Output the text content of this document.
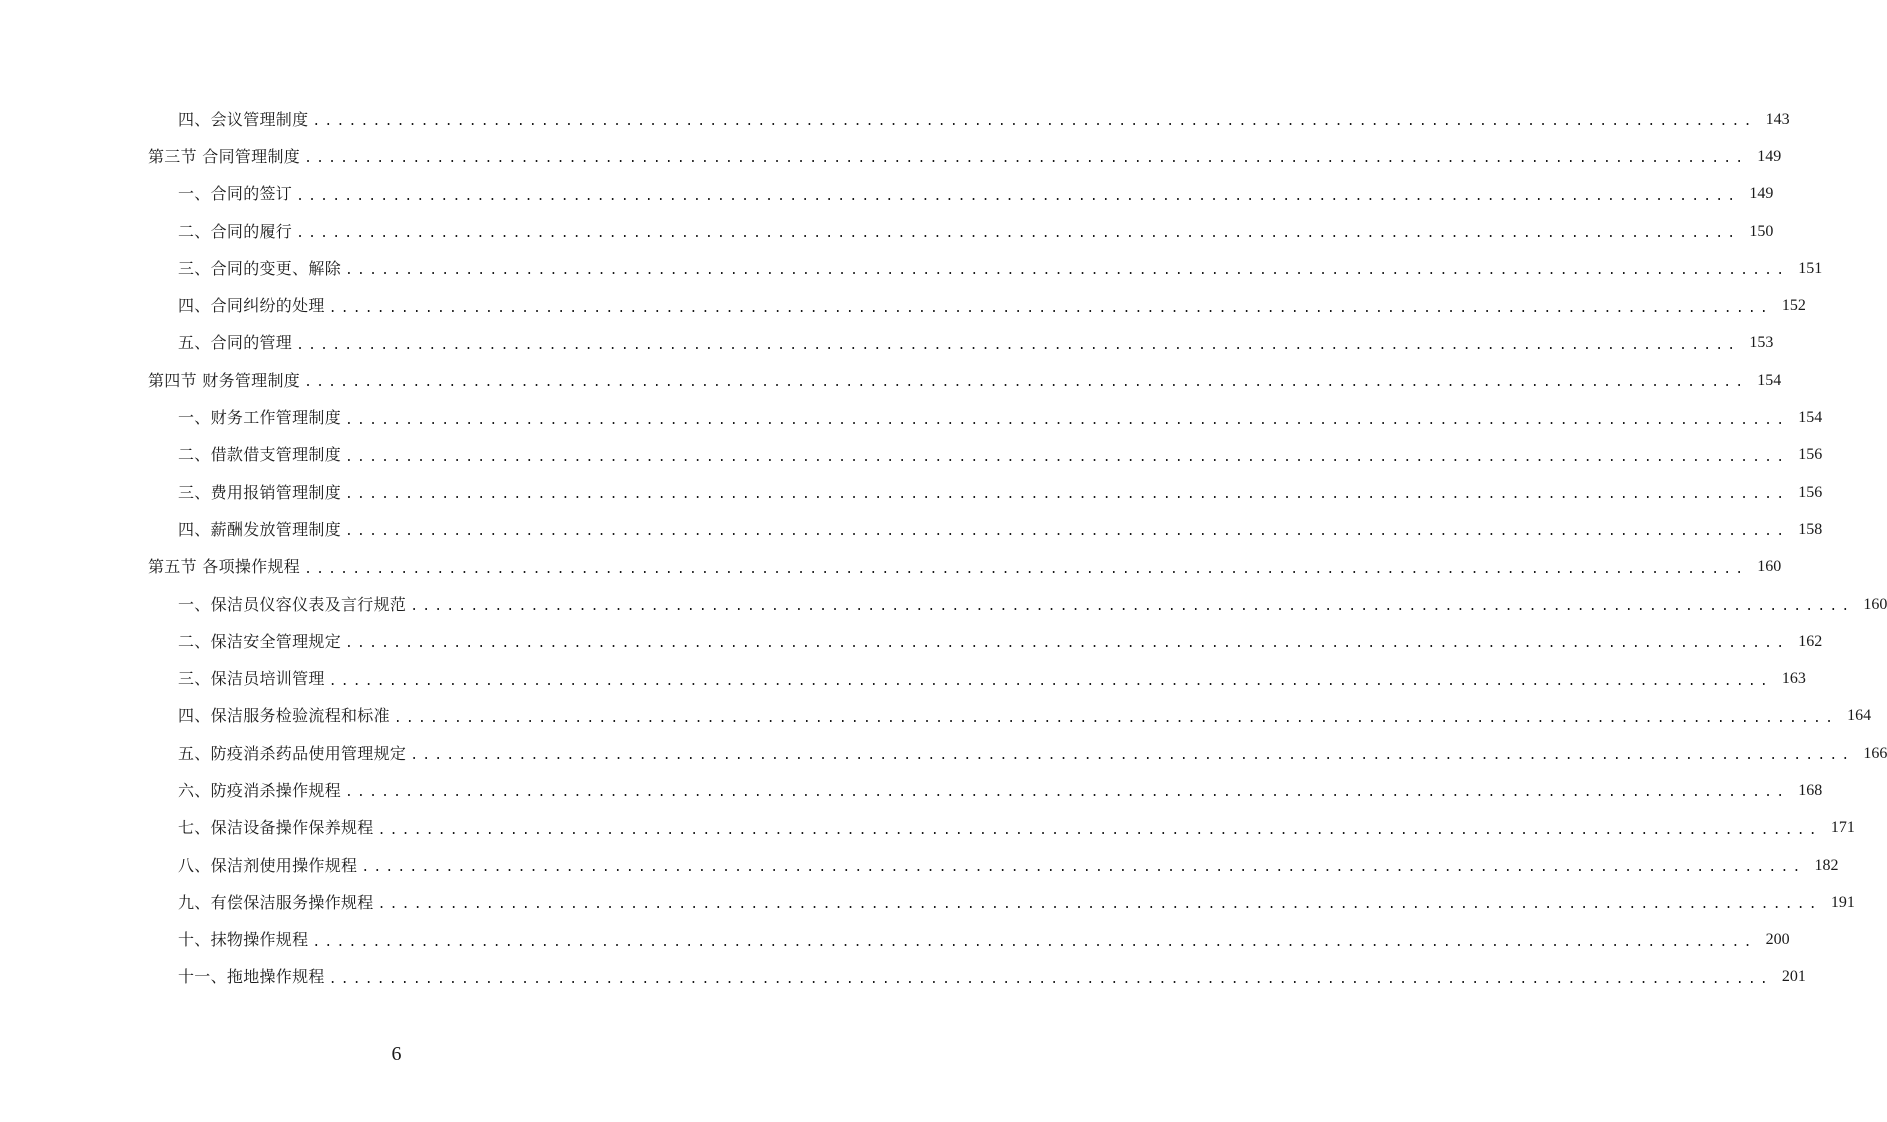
四、会议管理制度 ........................................................................................................................ 143
第三节 合同管理制度 ........................................................................................................................ 149
一、合同的签订 ........................................................................................................................ 149
二、合同的履行 ........................................................................................................................ 150
三、合同的变更、解除 ........................................................................................................................ 151
四、合同纠纷的处理 ........................................................................................................................ 152
五、合同的管理 ........................................................................................................................ 153
第四节 财务管理制度 ........................................................................................................................ 154
一、财务工作管理制度 ........................................................................................................................ 154
二、借款借支管理制度 ........................................................................................................................ 156
三、费用报销管理制度 ........................................................................................................................ 156
四、薪酬发放管理制度 ........................................................................................................................ 158
第五节 各项操作规程 ........................................................................................................................ 160
一、保洁员仪容仪表及言行规范 ........................................................................................................................ 160
二、保洁安全管理规定 ........................................................................................................................ 162
三、保洁员培训管理 ........................................................................................................................ 163
四、保洁服务检验流程和标准 ........................................................................................................................ 164
五、防疫消杀药品使用管理规定 ........................................................................................................................ 166
六、防疫消杀操作规程 ........................................................................................................................ 168
七、保洁设备操作保养规程 ........................................................................................................................ 171
八、保洁剂使用操作规程 ........................................................................................................................ 182
九、有偿保洁服务操作规程 ........................................................................................................................ 191
十、抹物操作规程 ........................................................................................................................ 200
十一、拖地操作规程 ........................................................................................................................ 201
6
